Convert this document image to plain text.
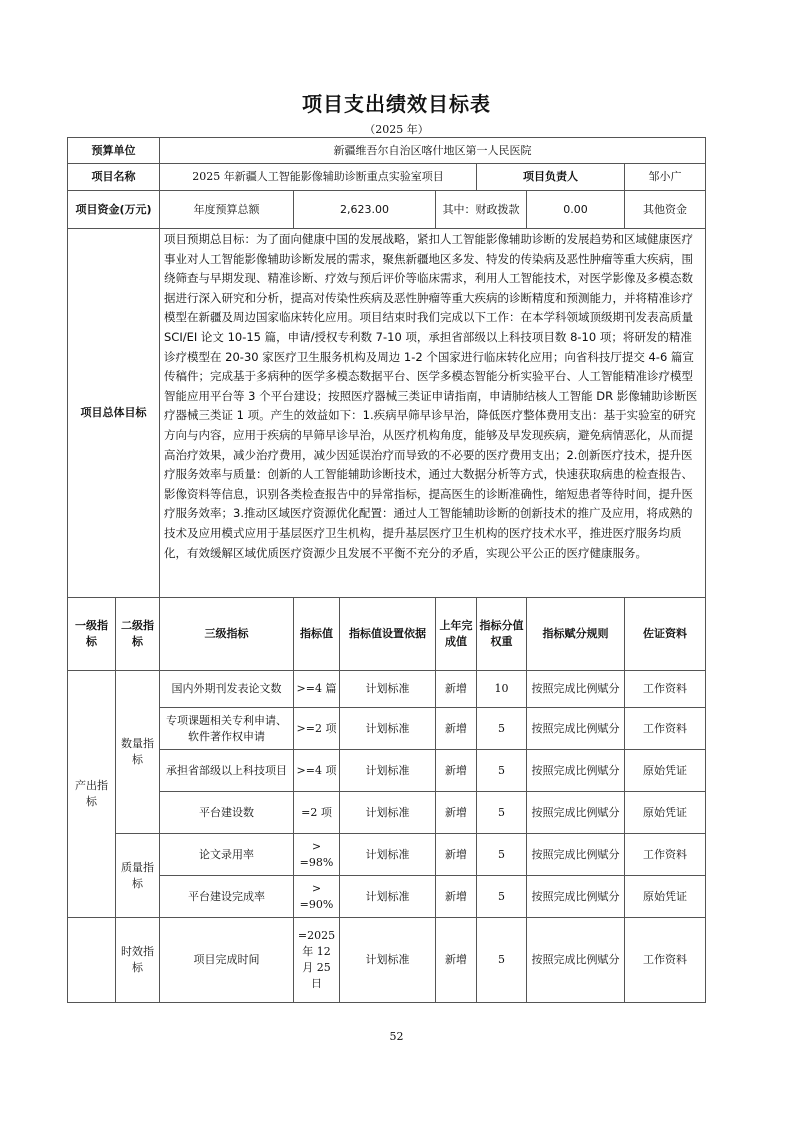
项目支出绩效目标表
（2025 年）
预算单位		新疆维吾尔自治区喀什地区第一人民医院							
项目名称		2025 年新疆人工智能影像辅助诊断重点实验室项目				项目负责人		邹小广	
项目资金(万元)		年度预算总额	2,623.00		其中：财政拨款		0.00	其他资金	
项目总体目标		项目预期总目标：为了面向健康中国的发展战略，紧扣人工智能影像辅助诊断的发展趋势和区域健康医疗事业对人工智能影像辅助诊断发展的需求，聚焦新疆地区多发、特发的传染病及恶性肿瘤等重大疾病，围绕筛查与早期发现、精准诊断、疗效与预后评价等临床需求，利用人工智能技术，对医学影像及多模态数据进行深入研究和分析，提高对传染性疾病及恶性肿瘤等重大疾病的诊断精度和预测能力，并将精准诊疗模型在新疆及周边国家临床转化应用。项目结束时我们完成以下工作：在本学科领域顶级期刊发表高质量 SCI/EI 论文 10-15 篇，申请/授权专利数 7-10 项，承担省部级以上科技项目数 8-10 项；将研发的精准诊疗模型在 20-30 家医疗卫生服务机构及周边 1-2 个国家进行临床转化应用；向省科技厅提交 4-6 篇宣传稿件；完成基于多病种的医学多模态数据平台、医学多模态智能分析实验平台、人工智能精准诊疗模型智能应用平台等 3 个平台建设；按照医疗器械三类证申请指南，申请肺结核人工智能 DR 影像辅助诊断医疗器械三类证 1 项。产生的效益如下：1.疾病早筛早诊早治，降低医疗整体费用支出：基于实验室的研究方向与内容，应用于疾病的早筛早诊早治，从医疗机构角度，能够及早发现疾病，避免病情恶化，从而提高治疗效果，减少治疗费用，减少因延误治疗而导致的不必要的医疗费用支出；2.创新医疗技术，提升医疗服务效率与质量：创新的人工智能辅助诊断技术，通过大数据分析等方式，快速获取病患的检查报告、影像资料等信息，识别各类检查报告中的异常指标，提高医生的诊断准确性，缩短患者等待时间，提升医疗服务效率；3.推动区域医疗资源优化配置：通过人工智能辅助诊断的创新技术的推广及应用，将成熟的技术及应用模式应用于基层医疗卫生机构，提升基层医疗卫生机构的医疗技术水平，推进医疗服务均质化，有效缓解区域优质医疗资源少且发展不平衡不充分的矛盾，实现公平公正的医疗健康服务。							
一级指标	二级指标	三级指标	指标值	指标值设置依据	上年完成值	指标分值权重	指标赋分规则	佐证资料	
产出指标	数量指标	国内外期刊发表论文数	>=4 篇	计划标准	新增	10	按照完成比例赋分	工作资料	
		专项课题相关专利申请、软件著作权申请	>=2 项	计划标准	新增	5	按照完成比例赋分	工作资料	
		承担省部级以上科技项目	>=4 项	计划标准	新增	5	按照完成比例赋分	原始凭证	
		平台建设数	=2 项	计划标准	新增	5	按照完成比例赋分	原始凭证	
	质量指标	论文录用率	> =98%	计划标准	新增	5	按照完成比例赋分	工作资料	
		平台建设完成率	> =90%	计划标准	新增	5	按照完成比例赋分	原始凭证	
	时效指标	项目完成时间	=2025 年 12 月 25 日	计划标准	新增	5	按照完成比例赋分	工作资料	
52
